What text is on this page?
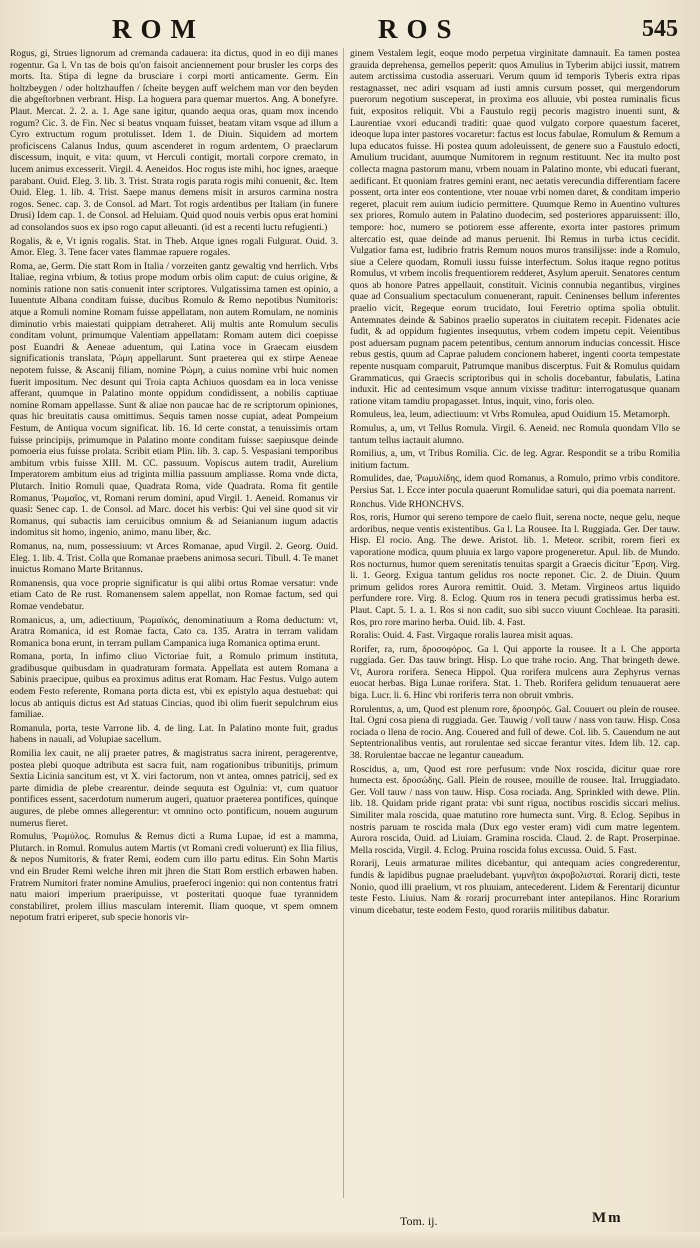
ROM	ROS	545

Rogus, gi, Strues lignorum ad cremanda cadauera: ita dictus, quod in eo diji manes rogentur. Ga l. Vn tas de bois qu'on faisoit anciennement pour brusler les corps des morts. Ita. Stipa di legne da brusciare i corpi morti anticamente. Germ. Ein holtzbeygen / oder holtzhauffen / ſcheite beygen auff welchem man vor den beyden die abgeſtorbnen verbrant. Hisp. La hoguera para quemar muertos. Ang. A bonefyre. Plaut. Mercat. 2. 2. a. 1. Age sane igitur, quando aequa oras, quam mox incendo rogum? Cic. 3. de Fin. Nec si beatus vnquam fuisset, beatam vitam vsque ad illum a Cyro extructum rogum protulisset. Idem 1. de Diuin. Siquidem ad mortem proficiscens Calanus Indus, quum ascenderet in rogum ardentem, O praeclarum discessum, inquit, e vita: quum, vt Herculi contigit, mortali corpore cremato, in lucem animus excesserit. Virgil. 4. Aeneidos. Hoc rogus iste mihi, hoc ignes, araeque parabant. Ouid. Eleg. 3. lib. 3. Trist. Strata rogis parata rogis mihi conuenit, &c. Item Ouid. Eleg. 1. lib. 4. Trist. Saepe manus demens misit in arsuros carmina nostra rogos. Senec. cap. 3. de Consol. ad Mart. Tot rogis ardentibus per Italiam (in funere Drusi) Idem cap. 1. de Consol. ad Heluiam. Quid quod nouis verbis opus erat homini ad consolandos suos ex ipso rogo caput alleuanti. (id est a recenti luctu refugienti.)

Rogalis, & e, Vt ignis rogalis. Stat. in Theb. Atque ignes rogali Fulgurat. Ouid. 3. Amor. Eleg. 3. Tene facer vates flammae rapuere rogales.

Roma, ae, Germ. Die statt Rom in Italia / vorzeiten gantz gewaltig vnd herrlich. Vrbs Italiae, regina vrbium, & totius prope modum orbis olim caput: de cuius origine, & nominis ratione non satis conuenit inter scriptores. Vulgatissima tamen est opinio, a Iuuentute Albana conditam fuisse, ducibus Romulo & Remo nepotibus Numitoris: atque a Romuli nomine Romam fuisse appellatam, non autem Romulam, ne nominis diminutio vrbis maiestati quippiam detraheret. Alij multis ante Romulum seculis conditam volunt, primumque Valentiam appellatam: Romam autem dici coepisse post Euandri & Aeneae aduentum, qui Latina voce in Graecam eiusdem significationis translata, Ῥώμη appellarunt. Sunt praeterea qui ex stirpe Aeneae nepotem fuisse, & Ascanij filiam, nomine Ῥώμη, a cuius nomine vrbi huic nomen fuerit impositum. Nec desunt qui Troia capta Achiuos quosdam ea in loca venisse afferant, quumque in Palatino monte oppidum condidissent, a nobilis captiuae nomine Romam appellasse. Sunt & aliae non paucae hac de re scriptorum opiniones, quas hic breuitatis causa omittimus. Sequis tamen nosse cupiat, adeat Pompeium Festum, de Antiqua vocum significat. lib. 16. Id certe constat, a tenuissimis ortam fuisse principijs, primumque in Palatino monte conditam fuisse: saepiusque deinde pomoeria eius fuisse prolata. Scribit etiam Plin. lib. 3. cap. 5. Vespasiani temporibus ambitum vrbis fuisse XIII. M. CC. passuum. Vopiscus autem tradit, Aurelium Imperatorem ambitum eius ad triginta millia passuum ampliasse. Roma vnde dicta, Plutarch. Initio Romuli quae, Quadrata Roma, vide Quadrata. Roma fit gentile Romanus, Ῥωμαῖος, vt, Romani rerum domini, apud Virgil. 1. Aeneid. Romanus vir quasi: Senec cap. 1. de Consol. ad Marc. docet his verbis: Qui vel sine quod sit vir Romanus, qui subactis iam ceruicibus omnium & ad Seianianum iugum adactis indomitus sit homo, ingenio, animo, manu liber, &c.

Romanus, na, num, possessiuum: vt Arces Romanae, apud Virgil. 2. Georg. Ouid. Eleg. 1. lib. 4. Trist. Colla que Romanae praebens animosa securi. Tibull. 4. Te manet inuictus Romano Marte Britannus.

Romanensis, qua voce proprie significatur is qui alibi ortus Romae versatur: vnde etiam Cato de Re rust. Romanensem salem appellat, non Romae factum, sed qui Romae vendebatur.

Romanicus, a, um, adiectiuum, Ῥωμαϊκός, denominatiuum a Roma deductum: vt, Aratra Romanica, id est Romae facta, Cato ca. 135. Aratra in terram validam Romanica bona erunt, in terram pullam Campanica iuga Romanica optima erunt.

Romana, porta, In infimo cliuo Victoriae fuit, a Romulo primum instituta, gradibusque quibusdam in quadraturam formata. Appellata est autem Romana a Sabinis praecipue, quibus ea proximus aditus erat Romam. Hac Festus. Vulgo autem eodem Festo referente, Romana porta dicta est, vbi ex epistylo aqua destuebat: qui locus ab antiquis dictus est Ad statuas Cincias, quod ibi olim fuerit sepulchrum eius familiae.

Romanula, porta, teste Varrone lib. 4. de ling. Lat. In Palatino monte fuit, gradus habens in nauali, ad Volupiae sacellum.

Romilia lex cauit, ne alij praeter patres, & magistratus sacra inirent, peragerentve, postea plebi quoque adtributa est sacra fuit, nam rogationibus tribunitijs, primum Sextia Licinia sancitum est, vt X. viri factorum, non vt antea, omnes patricij, sed ex parte dimidia de plebe crearentur. deinde sequuta est Ogulnia: vt, cum quatuor pontifices essent, sacerdotum numerum augeri, quatuor praeterea pontifices, quinque augures, de plebe omnes allegerentur: vt omnino octo pontificum, nouem augurum numerus fieret.

Romulus, Ῥωμύλος. Romulus & Remus dicti a Ruma Lupae, id est a mamma, Plutarch. in Romul. Romulus autem Martis (vt Romani credi voluerunt) ex Ilia filius, & nepos Numitoris, & frater Remi, eodem cum illo partu editus. Ein Sohn Martis vnd ein Bruder Remi welche ihren mit jhren die Statt Rom erstlich erbawen haben. Fratrem Numitori frater nomine Amulius, praeferoci ingenio: qui non contentus fratri natu maiori imperium praeripuisse, vt posteritati quoque fuae tyrannidem constabiliret, prolem illius masculam interemit. Iliam quoque, vt spem omnem nepotum fratri eriperet, sub specie honoris vir-

ginem Vestalem legit, eoque modo perpetua virginitate damnauit. Ea tamen postea grauida deprehensa, gemellos peperit: quos Amulius in Tyberim abijci iussit, matrem autem arctissima custodia asseruari. Verum quum id temporis Tyberis extra ripas restagnasset, nec adiri vsquam ad iusti amnis cursum posset, qui mergendorum puerorum negotium susceperat, in proxima eos alluuie, vbi postea ruminalis ficus fuit, expositos reliquit. Vbi a Faustulo regij pecoris magistro inuenti sunt, & Laurentiae vxori educandi traditi: quae quod vulgato corpore quaestum faceret, ideoque lupa inter pastores vocaretur: factus est locus fabulae, Romulum & Remum a lupa educatos fuisse. Hi postea quum adoleuissent, de genere suo a Faustulo edocti, Amulium trucidant, auumque Numitorem in regnum restituunt. Nec ita multo post collecta magna pastorum manu, vrbem nouam in Palatino monte, vbi educati fuerant, aedificant. Et quoniam fratres gemini erant, nec aetatis verecundia differentiam facere possent, orta inter eos contentione, vter nouae vrbi nomen daret, & conditam imperio regeret, placuit rem auium iudicio permittere. Quumque Remo in Auentino vultures sex priores, Romulo autem in Palatino duodecim, sed posteriores apparuissent: illo, tempore: hoc, numero se potiorem esse afferente, exorta inter pastores primum altercatio est, quae deinde ad manus peruenit. Ibi Remus in turba ictus cecidit. Vulgatior fama est, ludibrio fratris Remum nouos muros transilijsse: inde a Romulo, siue a Celere quodam, Romuli iussu fuisse interfectum. Solus itaque regno potitus Romulus, vt vrbem incolis frequentiorem redderet, Asylum aperuit. Senatores centum quos ab honore Patres appellauit, constituit. Vicinis connubia negantibus, virgines quae ad Consualium spectaculum conuenerant, rapuit. Ceninenses bellum inferentes praelio vicit, Regeque eorum trucidato, Ioui Feretrio optima spolia obtulit. Antemnates deinde & Sabinos praelio superatos in ciuitatem recepit. Fidenates acie fudit, & ad oppidum fugientes insequutus, vrbem codem impetu cepit. Veientibus post aduersam pugnam pacem petentibus, centum annorum inducias concessit. Hisce rebus gestis, quum ad Caprae paludem concionem haberet, ingenti coorta tempestate repente nusquam comparuit, Patrumque manibus discerptus. Fuit & Romulus quidam Grammaticus, qui Graecis scriptoribus qui in scholis docebantur, fabulatis, Latina induxit. Hic ad centesimum vsque annum vixisse traditur: interrogatusque quanam ratione vitam tamdiu propagasset. Intus, inquit, vino, foris oleo.

Romuleus, lea, leum, adiectiuum: vt Vrbs Romulea, apud Ouidium 15. Metamorph.

Romulus, a, um, vt Tellus Romula. Virgil. 6. Aeneid. nec Romula quondam Vllo se tantum tellus iactauit alumno.

Romilius, a, um, vt Tribus Romilia. Cic. de leg. Agrar. Respondit se a tribu Romilia initium factum.

Romulides, dae, Ῥωμυλίδης, idem quod Romanus, a Romulo, primo vrbis conditore. Persius Sat. 1. Ecce inter pocula quaerunt Romulidae saturi, qui dia poemata narrent.

Ronchus. Vide RHONCHVS.

Ros, roris, Humor qui sereno tempore de caelo fluit, serena nocte, neque gelu, neque ardoribus, neque ventis existentibus. Ga l. La Rousee. Ita l. Ruggiada. Ger. Der tauw. Hisp. El rocio. Ang. The dewe. Aristot. lib. 1. Meteor. scribit, rorem fieri ex vaporatione modica, quum pluuia ex largo vapore progeneretur. Apul. lib. de Mundo. Ros nocturnus, humor quem serenitatis tenuitas spargit a Graecis dicitur Ἔρση. Virg. li. 1. Georg. Exigua tantum gelidus ros nocte reponet. Cic. 2. de Diuin. Quum primum gelidos rores Aurora remittit. Ouid. 3. Metam. Virgineos artus liquido perfundere rore. Virg. 8. Eclog. Quum ros in tenera pecudi gratissimus herba est. Plaut. Capt. 5. 1. a. 1. Ros si non cadit, suo sibi succo viuunt Cochleae. Ita parasiti. Ros, pro rore marino herba. Ouid. lib. 4. Fast.

Roralis: Ouid. 4. Fast. Virgaque roralis laurea misit aquas.

Rorifer, ra, rum, δροσοφόρος. Ga l. Qui apporte la rousee. It a l. Che apporta ruggiada. Ger. Das tauw bringt. Hisp. Lo que trahe rocio. Ang. That bringeth dewe. Vt, Aurora rorifera. Seneca Hippol. Qua rorifera mulcens aura Zephyrus vernas euocat herbas. Biga Lunae rorifera. Stat. 1. Theb. Rorifera gelidum tenuauerat aere biga. Lucr. li. 6. Hinc vbi roriferis terra non obruit vmbris.

Rorulentus, a, um, Quod est plenum rore, δροσηρός. Gal. Couuert ou plein de rousee. Ital. Ogni cosa piena di ruggiada. Ger. Tauwig / voll tauw / nass von tauw. Hisp. Cosa rociada o llena de rocio. Ang. Couered and full of dewe. Col. lib. 5. Cauendum ne aut Septentrionalibus ventis, aut rorulentae sed siccae ferantur vites. Idem lib. 12. cap. 38. Rorulentae baccae ne legantur caueadum.

Roscidus, a, um, Quod est rore perfusum: vnde Nox roscida, dicitur quae rore humecta est. δροσώδης. Gall. Plein de rousee, mouille de rousee. Ital. Irruggiadato. Ger. Voll tauw / nass von tauw. Hisp. Cosa rociada. Ang. Sprinkled with dewe. Plin. lib. 18. Quidam pride rigant prata: vbi sunt rigua, noctibus roscidis siccari melius. Similiter mala roscida, quae matutino rore humecta sunt. Virg. 8. Eclog. Sepibus in nostris paruam te roscida mala (Dux ego vester eram) vidi cum matre legentem. Aurora roscida, Ouid. ad Liuiam. Gramina roscida. Claud. 2. de Rapt. Proserpinae. Mella roscida, Virgil. 4. Eclog. Pruina roscida folus excussa. Ouid. 5. Fast.

Rorarij, Leuis armaturae milites dicebantur, qui antequam acies congrederentur, fundis & lapidibus pugnae praeludebant. γυμνῆται ἀκροβολισταί. Rorarij dicti, teste Nonio, quod illi praelium, vt ros pluuiam, antecederent. Lidem & Ferentarij dicuntur teste Festo. Liuius. Nam & rorarij procurrebant inter antepilanos. Hinc Rorarium vinum dicebatur, teste eodem Festo, quod rorariis militibus dabatur.

Tom. ij.	Mm
